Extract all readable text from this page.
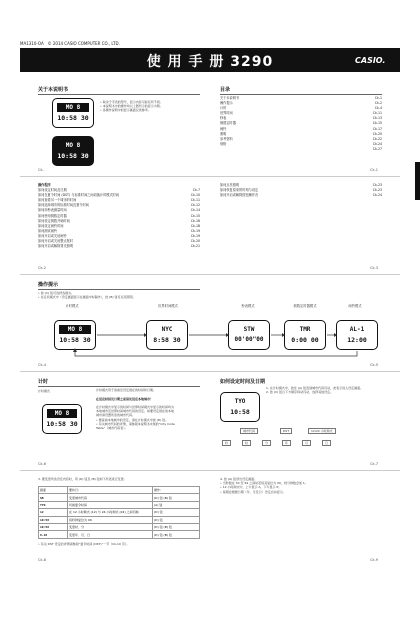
MA1310-OA © 2014 CASIO COMPUTER CO., LTD.
使 用 手 册 3290	CASIO.
关于本说明书
MO 8
10:58 30
MO 8
10:58 30
• 取决于手表的型号，显示内容可能有所不同。
• 本说明书中的操作均以上图所示的显示为例。
• 各操作说明中的显示画面仅供参考。
Ck-
目录
关于本说明书	Ck-1
操作提示	Ck-2
计时	Ck-4
世界时间	Ck-11
秒表	Ck-13
倒数定时器	Ck-15
闹铃	Ck-17
照明	Ck-20
参考资料	Ck-22
规格	Ck-24
Ck-27
Ck-1
操作程序
如何设定时间及日期	Ck-7
如何在夏令时间 (DST) 与标准时间之间切换计时模式时间	Ck-10
如何查看另一个城市的时间	Ck-11
如何选择城市的标准时间及夏令时间	Ck-12
如何用秒表测量时间	Ck-14
如何使用倒数定时器	Ck-15
如何设定倒数开始时间	Ck-16
如何设定闹铃时间	Ck-18
如何测试闹铃	Ck-19
如何开启或关闭闹铃	Ck-19
如何开启或关闭整点报时	Ck-20
如何开启或解除背光照明	Ck-21
Ck-2
如何点亮照明	Ck-23
如何恢复原来的时刻与设定	Ck-23
如何开启或解除按钮操作音	Ck-24
Ck-3
操作提示
• 按 (C) 钮可选择各模式。
• 在任何模式中（设定画面显示在画面中时除外），按 (B) 钮可点亮照明。
计时模式	世界时间模式	秒表模式	倒数定时器模式	闹铃模式
MO 8
10:58 30
NYC
8:58 30
STW
00'00"00
TMR
0:00 00
AL-1
12:00
Ck-4	Ck-5
计时
计时模式
MO 8
10:58 30
计时模式用于查看及设定现在的时间和日期。
在设定时间及日期之前请先设定本地城市！
在计时模式中显示的时间与世界时间模式中显示的时间均为
本地城市及世界时间城市代码的设定。如要设定现在的本地
城市请设置所需的城市代码。
• 要查看本地城市的设定，请在计时模式中按 (D) 钮。
• 有关城市代码的详情，请参阅本说明书末尾的“City Code
Table”（城市代码表）。
Ck-6
如何设定时间及日期
TYO
10:58
1. 在计时模式中，按住 (A) 钮直到城市代码闪动，此表示进入设定画面。
2. 按 (C) 钮以下方顺序移动闪动，选择其他设定。
城市代码	DST	12/24 小时制式
秒	时	分	年	月	日
Ck-7
3. 要变更所选设定内容时，用 (D) 钮及 (B) 钮如下所述进行变更。
画面	要执行：	操作：
SB	变更城市代码	(D) 钮 (B) 钮
TYO	切换夏令时间	(A) 钮
12	在 12 小时制式 (12) 与 24 小时制式 (24) 之间切换	(D) 钮
10:58	将秒钟复位为 00	(D) 钮
10:58	变更时、分	(D) 钮 (B) 钮
8.28	变更年、月、日	(D) 钮 (B) 钮
• 有关 DST 设定的详情请参阅“夏令时间 (DST)”一节（Ck-10 页）。
Ck-8
4. 按 (A) 钮退出设定画面。
• 当秒数在 30 至 59 之间时若将其复位为 00，则分钟数会加 1。
• 12 小时制式中，上午显示 A，下午显示 P。
• 星期会根据日期（年、月及日）设定自动显示。
Ck-9
